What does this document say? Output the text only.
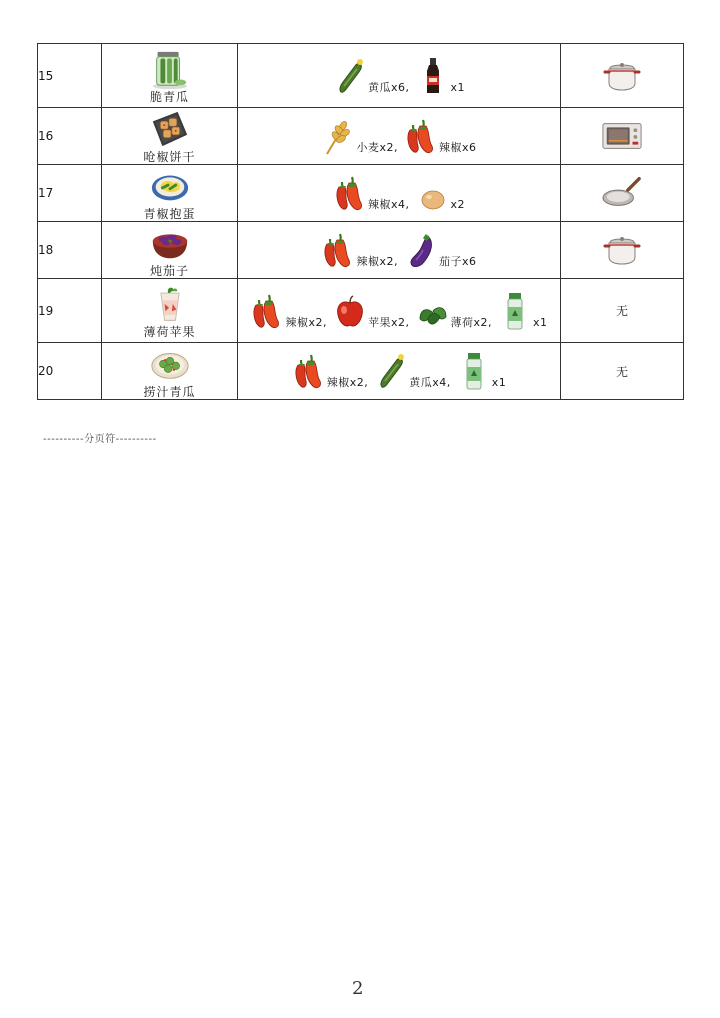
15	脆青瓜	黄瓜x6, x1

16	呛椒饼干	小麦x2, 辣椒x6

17	青椒抱蛋	辣椒x4, x2

18	炖茄子	辣椒x2, 茄子x6

19	薄荷苹果	辣椒x2, 苹果x2, 薄荷x2, x1	无
20	捞汁青瓜	辣椒x2, 黄瓜x4, x1	无
----------分页符----------
2
